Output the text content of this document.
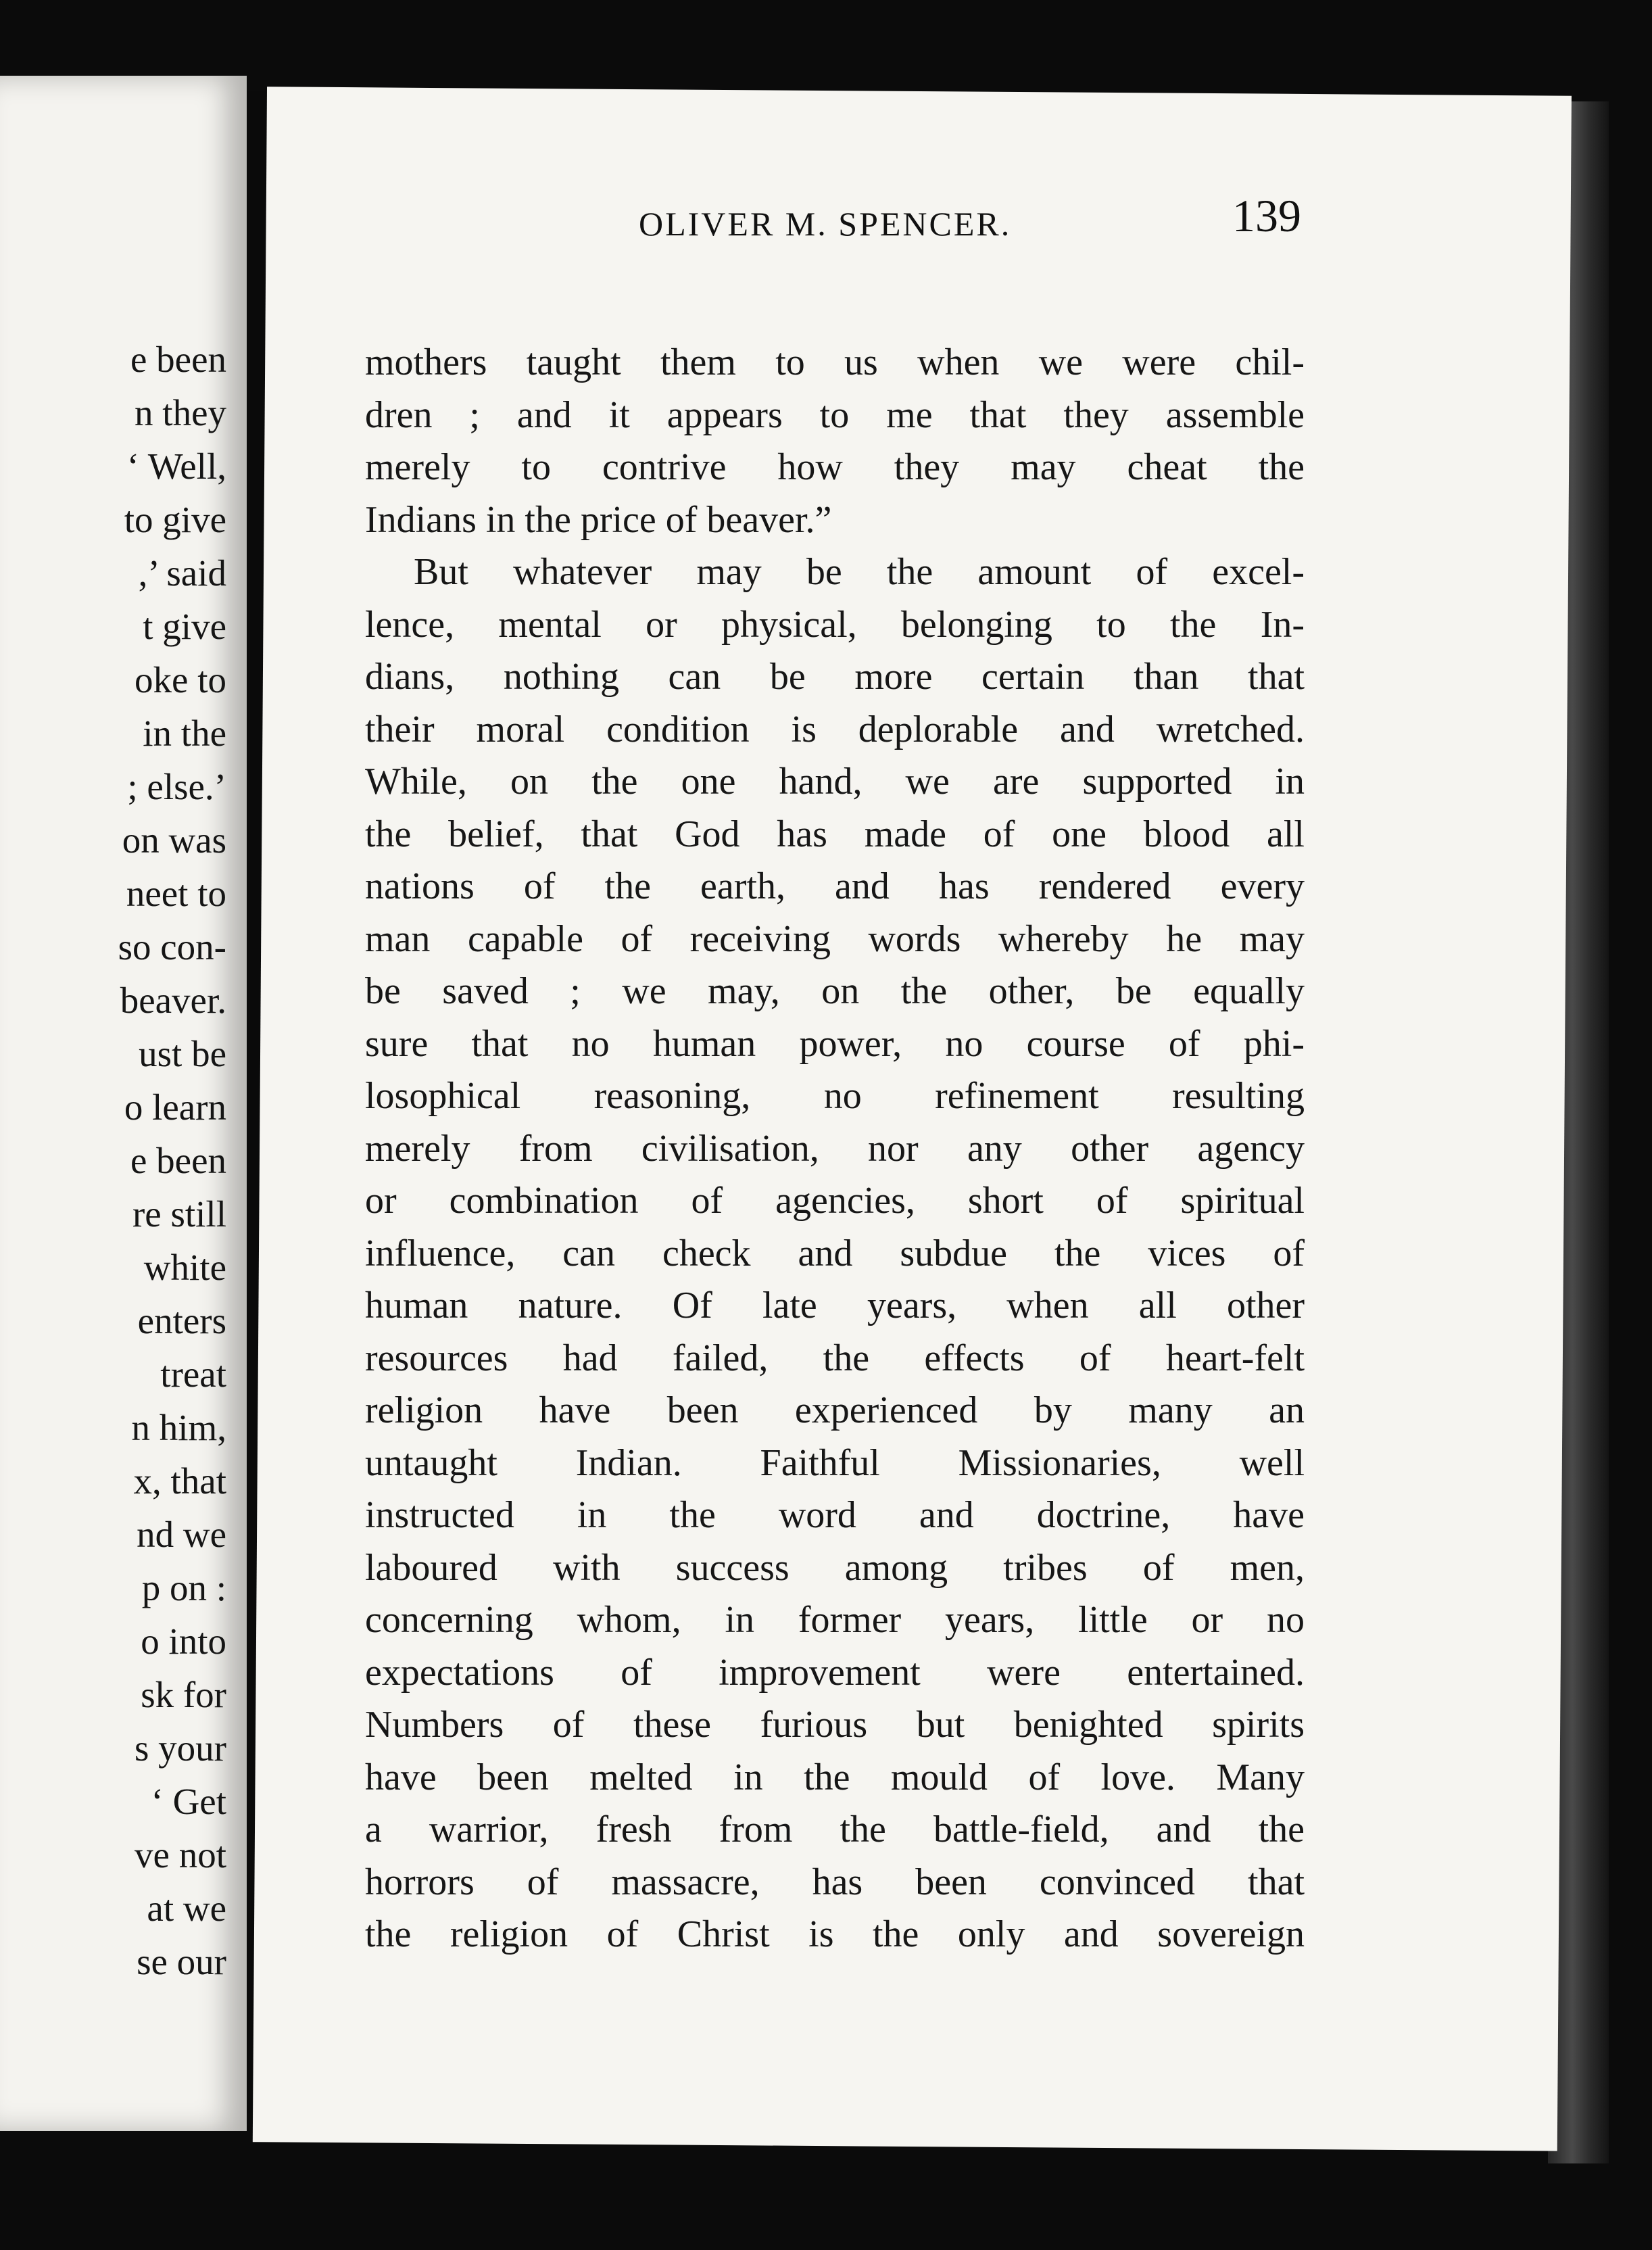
e been
n they
‘ Well,
to give
,’ said
t give
oke to
in the
; else.’
on was
neet to
so con-
beaver.
ust be
o learn
e been
re still
white
enters
treat
n him,
x, that
nd we
p on :
o into
sk for
s your
‘ Get
ve not
at we
se our
OLIVER M. SPENCER.	139
mothers taught them to us when we were chil-
dren ; and it appears to me that they assemble
merely to contrive how they may cheat the
Indians in the price of beaver.”
But whatever may be the amount of excel-
lence, mental or physical, belonging to the In-
dians, nothing can be more certain than that
their moral condition is deplorable and wretched.
While, on the one hand, we are supported in
the belief, that God has made of one blood all
nations of the earth, and has rendered every
man capable of receiving words whereby he may
be saved ; we may, on the other, be equally
sure that no human power, no course of phi-
losophical reasoning, no refinement resulting
merely from civilisation, nor any other agency
or combination of agencies, short of spiritual
influence, can check and subdue the vices of
human nature. Of late years, when all other
resources had failed, the effects of heart-felt
religion have been experienced by many an
untaught Indian. Faithful Missionaries, well
instructed in the word and doctrine, have
laboured with success among tribes of men,
concerning whom, in former years, little or no
expectations of improvement were entertained.
Numbers of these furious but benighted spirits
have been melted in the mould of love. Many
a warrior, fresh from the battle-field, and the
horrors of massacre, has been convinced that
the religion of Christ is the only and sovereign
